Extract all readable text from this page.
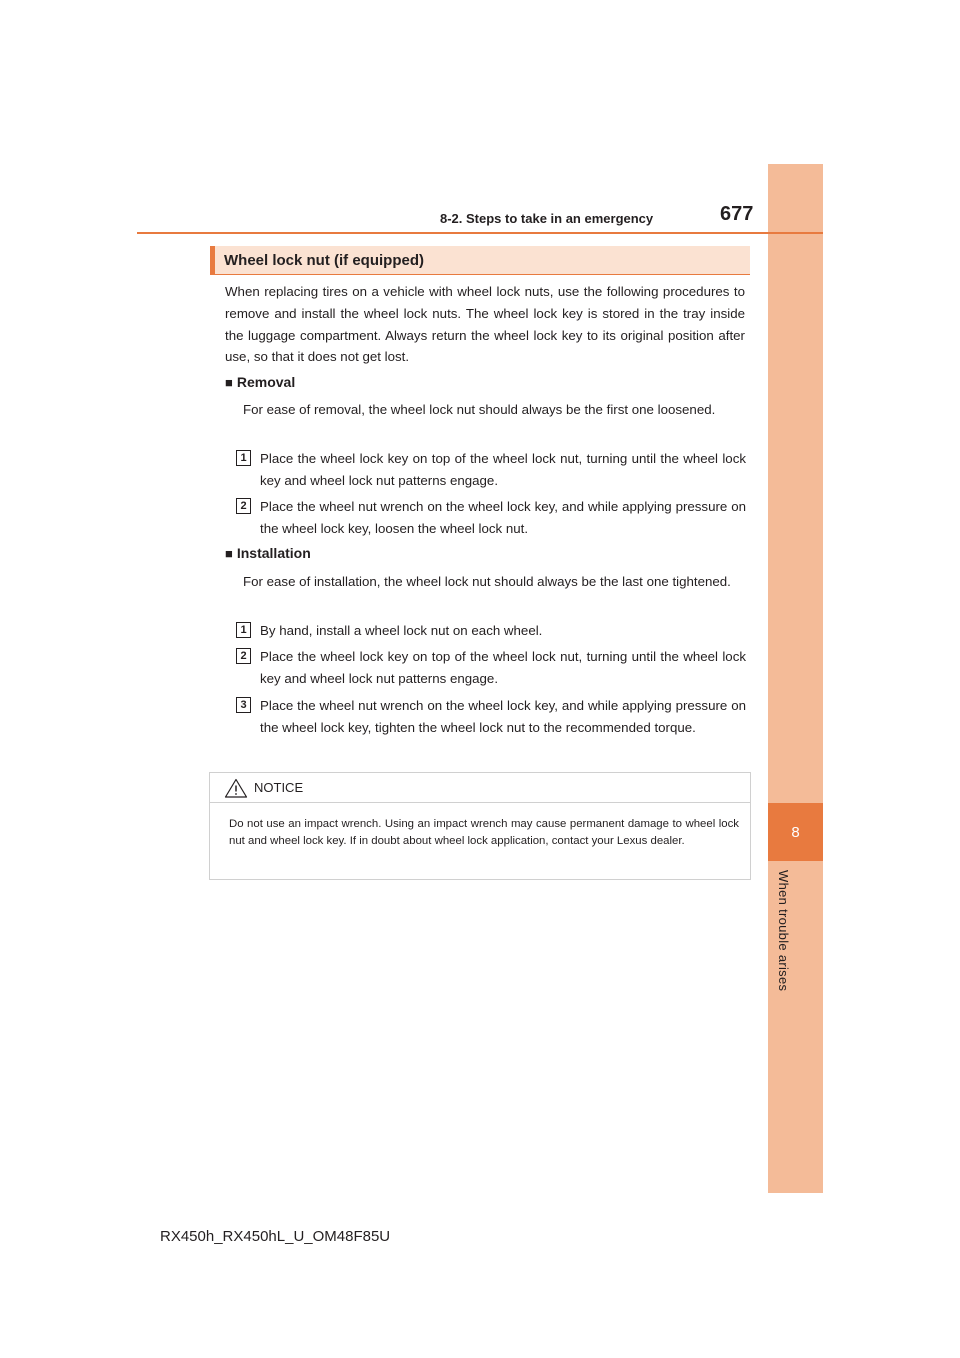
8
When trouble arises
8-2. Steps to take in an emergency	677
Wheel lock nut (if equipped)
When replacing tires on a vehicle with wheel lock nuts, use the following procedures to remove and install the wheel lock nuts. The wheel lock key is stored in the tray inside the luggage compartment. Always return the wheel lock key to its original position after use, so that it does not get lost.
■ Removal
For ease of removal, the wheel lock nut should always be the first one loosened.
1	Place the wheel lock key on top of the wheel lock nut, turning until the wheel lock key and wheel lock nut patterns engage.
2	Place the wheel nut wrench on the wheel lock key, and while applying pressure on the wheel lock key, loosen the wheel lock nut.
■ Installation
For ease of installation, the wheel lock nut should always be the last one tightened.
1	By hand, install a wheel lock nut on each wheel.
2	Place the wheel lock key on top of the wheel lock nut, turning until the wheel lock key and wheel lock nut patterns engage.
3	Place the wheel nut wrench on the wheel lock key, and while applying pressure on the wheel lock key, tighten the wheel lock nut to the recommended torque.
NOTICE
Do not use an impact wrench. Using an impact wrench may cause permanent damage to wheel lock nut and wheel lock key. If in doubt about wheel lock application, contact your Lexus dealer.
RX450h_RX450hL_U_OM48F85U
